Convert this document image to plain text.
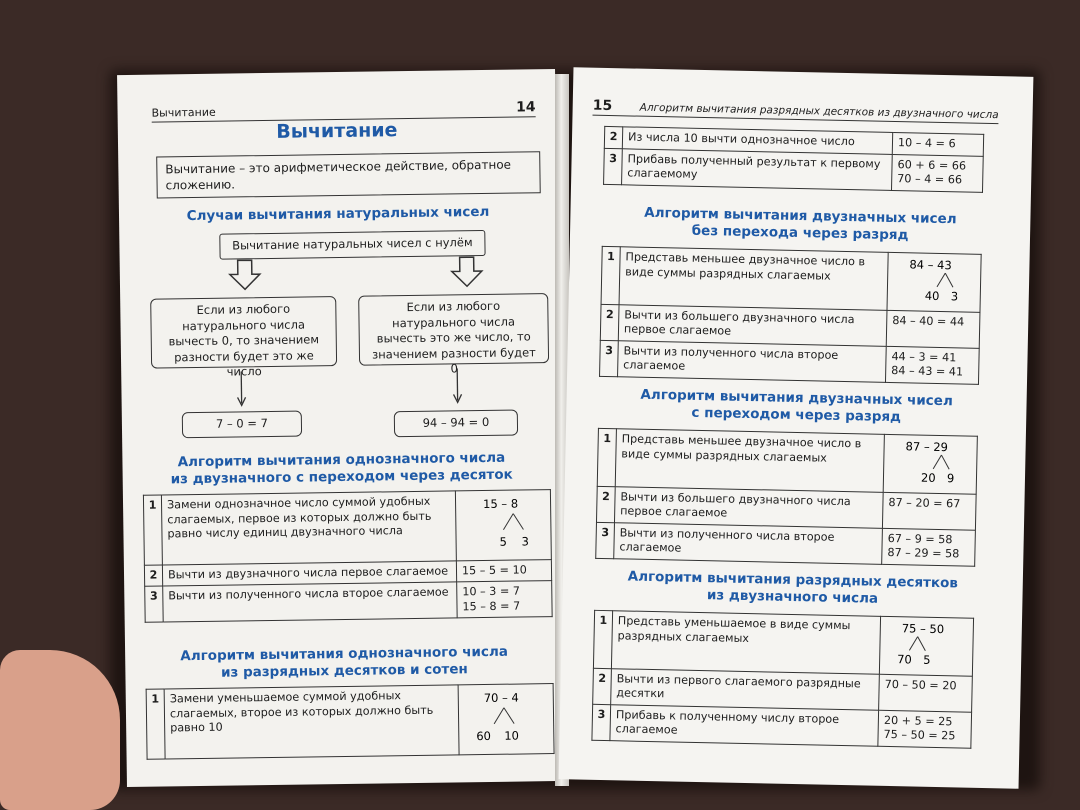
Вычитание	14
Вычитание
Вычитание – это арифметическое действие, обратное сложению.
Случаи вычитания натуральных чисел
Вычитание натуральных чисел с нулём
Если из любого натурального числа вычесть 0, то значением разности будет это же число
Если из любого натурального числа вычесть это же число, то значением разности будет 0
7 – 0 = 7	94 – 94 = 0
Алгоритм вычитания однозначного числа
из двузначного с переходом через десяток
1	Замени однозначное число суммой удобных слагаемых, первое из которых должно быть равно числу единиц двузначного числа	15 – 8
5 3

2	Вычти из двузначного числа первое слагаемое	15 – 5 = 10
3	Вычти из полученного числа второе слагаемое	10 – 3 = 7
15 – 8 = 7
Алгоритм вычитания однозначного числа
из разрядных десятков и сотен
1	Замени уменьшаемое суммой удобных слагаемых, второе из которых должно быть равно 10	
70 – 4
60 10
15	Алгоритм вычитания разрядных десятков из двузначного числа
2	Из числа 10 вычти однозначное число	10 – 4 = 6
3	Прибавь полученный результат к первому слагаемому	60 + 6 = 66
70 – 4 = 66
Алгоритм вычитания двузначных чисел
без перехода через разряд
1	Представь меньшее двузначное число в виде суммы разрядных слагаемых	84 – 43
40 3

2	Вычти из большего двузначного числа первое слагаемое	84 – 40 = 44
3	Вычти из полученного числа второе слагаемое	44 – 3 = 41
84 – 43 = 41
Алгоритм вычитания двузначных чисел
с переходом через разряд
1	Представь меньшее двузначное число в виде суммы разрядных слагаемых	87 – 29
20 9

2	Вычти из большего двузначного числа первое слагаемое	87 – 20 = 67
3	Вычти из полученного числа второе слагаемое	67 – 9 = 58
87 – 29 = 58
Алгоритм вычитания разрядных десятков
из двузначного числа
1	Представь уменьшаемое в виде суммы разрядных слагаемых	75 – 50
70 5

2	Вычти из первого слагаемого разрядные десятки	70 – 50 = 20
3	Прибавь к полученному числу второе слагаемое	20 + 5 = 25
75 – 50 = 25
